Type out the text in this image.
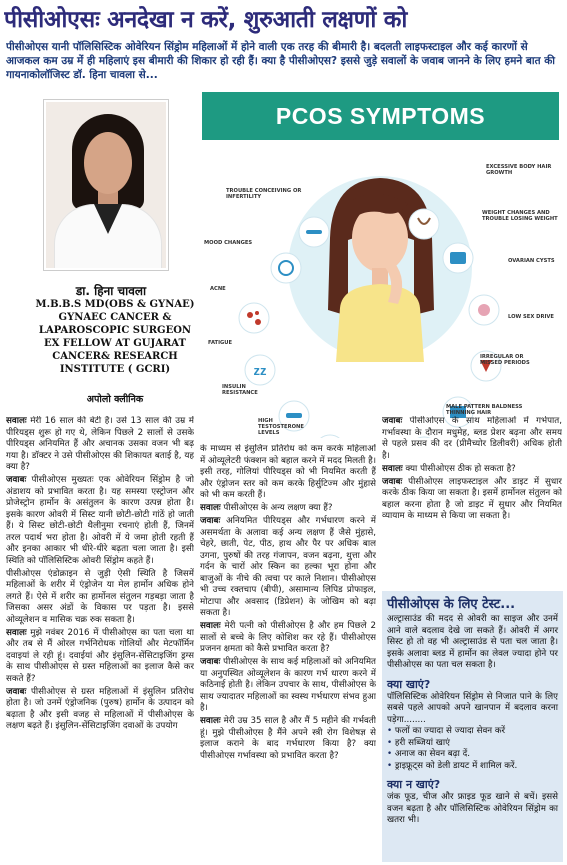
पीसीओएसः अनदेखा न करें, शुरुआती लक्षणों को
पीसीओएस यानी पॉलिसिस्टिक ओवेरियन सिंड्रोम महिलाओं में होने वाली एक तरह की बीमारी है। बदलती लाइफस्टाइल और कई कारणों से आजकल कम उम्र में ही महिलाएं इस बीमारी की शिकार हो रही हैं। क्या है पीसीओएस? इससे जुड़े सवालों के जवाब जानने के लिए हमने बात की गायनाकोलॉजिस्ट डॉ. हिना चावला से...
डा. हिना चावला
M.B.B.S MD(OBS & GYNAE)
GYNAEC CANCER &
LAPAROSCOPIC SURGEON
EX FELLOW AT GUJARAT
CANCER& RESEARCH
INSTITUTE ( GCRI)
अपोलो क्लीनिक
PCOS SYMPTOMS
zz
TROUBLE CONCEIVING OR INFERTILITY
MOOD CHANGES
ACNE
FATIGUE
INSULIN RESISTANCE
HIGH TESTOSTERONE LEVELS
EXCESSIVE BODY HAIR GROWTH
WEIGHT CHANGES AND TROUBLE LOSING WEIGHT
OVARIAN CYSTS
LOW SEX DRIVE
IRREGULAR OR MISSED PERIODS
MALE PATTERN BALDNESS THINNING HAIR

सवालः मेरी 16 साल की बेटी है। उसे 13 साल की उम्र में पीरियड्स शुरू हो गए थे, लेकिन पिछले 2 सालों से उसके पीरियड्स अनियमित हैं और अचानक उसका वजन भी बढ़ गया है। डॉक्टर ने उसे पीसीओएस की शिकायत बताई है, यह क्या है?

जवाबः पीसीओएस मुख्यतः एक ओवेरियन सिंड्रोम है जो अंडाशय को प्रभावित करता है। यह समस्या एस्ट्रोजन और प्रोजेस्ट्रोन हार्मोन के असंतुलन के कारण उत्पन्न होता है। इसके कारण ओवरी में सिस्ट यानी छोटी-छोटी गांठें हो जाती हैं। ये सिस्ट छोटी-छोटी थैलीनुमा रचनाएं होती हैं, जिनमें तरल पदार्थ भरा होता है। ओवरी में ये जमा होती रहती हैं और इनका आकार भी धीरे-धीरे बढ़ता चला जाता है। इसी स्थिति को पॉलिसिस्टिक ओवरी सिंड्रोम कहते हैं।

पीसीओएस एंडोक्राइन से जुड़ी ऐसी स्थिति है जिसमें महिलाओं के शरीर में एंड्रोजेन या मेल हार्मोन अधिक होने लगते हैं। ऐसे में शरीर का हार्मोनल संतुलन गड़बड़ा जाता है जिसका असर अंडों के विकास पर पड़ता है। इससे ओव्यूलेशन व मासिक चक्र रुक सकता है।

सवालः मुझे नवंबर 2016 में पीसीओएस का पता चला था और तब से मैं ओरल गर्भनिरोधक गोलियों और मेटफॉर्मिन दवाइयां ले रही हूं। दवाईयां और इंसुलिन-सेंसिटाइजिंग ड्रग्स के साथ पीसीओएस से ग्रस्त महिलाओं का इलाज कैसे कर सकते हैं?

जवाबः पीसीओएस से ग्रस्त महिलाओं में इंसुलिन प्रतिरोध होता है। जो उनमें एंड्रोजनिक (पुरुष) हार्मोन के उत्पादन को बढ़ाता है और इसी वजह से महिलाओं में पीसीओएस के लक्षण बढ़ते हैं। इंसुलिन-सेंसिटाइजिंग दवाओं के उपयोग

के माध्यम से इंसुलिन प्रतिरोध को कम करके महिलाओं में ओव्यूलेटरी फंक्शन को बहाल करने में मदद मिलती है। इसी तरह, गोलियां पीरियड्स को भी नियमित करती हैं और एंड्रोजन स्तर को कम करके हिर्सुटिज्म और मुंहासे को भी कम करती हैं।

सवालः पीसीओएस के अन्य लक्षण क्या हैं?

जवाबः अनियमित पीरियड्स और गर्भधारण करने में असमर्थता के अलावा कई अन्य लक्षण हैं जैसे मुंहासे, चेहरे, छाती, पेट, पीठ, हाथ और पैर पर अधिक बाल उगना, पुरुषों की तरह गंजापन, वजन बढ़ना, थुत्ता और गर्दन के चारों ओर स्किन का हल्का भूरा होना और बाजुओं के नीचे की त्वचा पर काले निशान। पीसीओएस भी उच्च रक्तचाप (बीपी), असामान्य लिपिड प्रोफाइल, मोटापा और अवसाद (डिप्रेशन) के जोखिम को बढ़ा सकता है।

सवालः मेरी पत्नी को पीसीओएस है और हम पिछले 2 सालों से बच्चे के लिए कोशिश कर रहे हैं। पीसीओएस प्रजनन क्षमता को कैसे प्रभावित करता है?

जवाबः पीसीओएस के साथ कई महिलाओं को अनियमित या अनुपस्थित ओव्यूलेशन के कारण गर्भ धारण करने में कठिनाई होती है। लेकिन उपचार के साथ, पीसीओएस के साथ ज्यादातर महिलाओं का स्वस्थ गर्भधारण संभव हुआ है।

सवालः मेरी उम्र 35 साल है और मैं 5 महीने की गर्भवती हूं। मुझे पीसीओएस है मैंने अपने स्त्री रोग विशेषज्ञ से इलाज कराने के बाद गर्भधारण किया है? क्या पीसीओएस गर्भावस्था को प्रभावित करता है?

जवाबः पीसीओएस के साथ महिलाओं में गर्भपात, गर्भावस्था के दौरान मधुमेह, ब्लड प्रेशर बढ़ना और समय से पहले प्रसव की दर (प्रीमैच्योर डिलीवरी) अधिक होती है।

सवालः क्या पीसीओएस ठीक हो सकता है?

जवाबः पीसीओएस लाइफस्टाइल और डाइट में सुधार करके ठीक किया जा सकता है। इसमें हार्मोनल संतुलन को बहाल करना होता है जो डाइट में सुधार और नियमित व्यायाम के माध्यम से किया जा सकता है।

पीसीओएस के लिए टेस्ट...

अल्ट्रासाउंड की मदद से ओवरी का साइज और उनमें आने वाले बदलाव देखे जा सकते हैं। ओवरी में अगर सिस्ट हो तो वह भी अल्ट्रासाउंड से पता चल जाता है। इसके अलावा ब्लड में हार्मोन का लेवल ज्यादा होने पर पीसीओएस का पता चल सकता है।

क्या खाएं?

पॉलिसिस्टिक ओवेरियन सिंड्रोम से निजात पाने के लिए सबसे पहले आपको अपने खानपान में बदलाव करना पड़ेगा........

• फलों का ज्यादा से ज्यादा सेवन करें
• हरी सब्जियां खाएं
• अनाज का सेवन बढ़ा दें.
• ड्राइफ्रूट्स को डेली डायट में शामिल करें.
क्या न खाएं?

जंक फूड, चीज और फ्राइड फूड खाने से बचें। इससे वजन बढ़ता है और पॉलिसिस्टिक ओवेरियन सिंड्रोम का खतरा भी।
